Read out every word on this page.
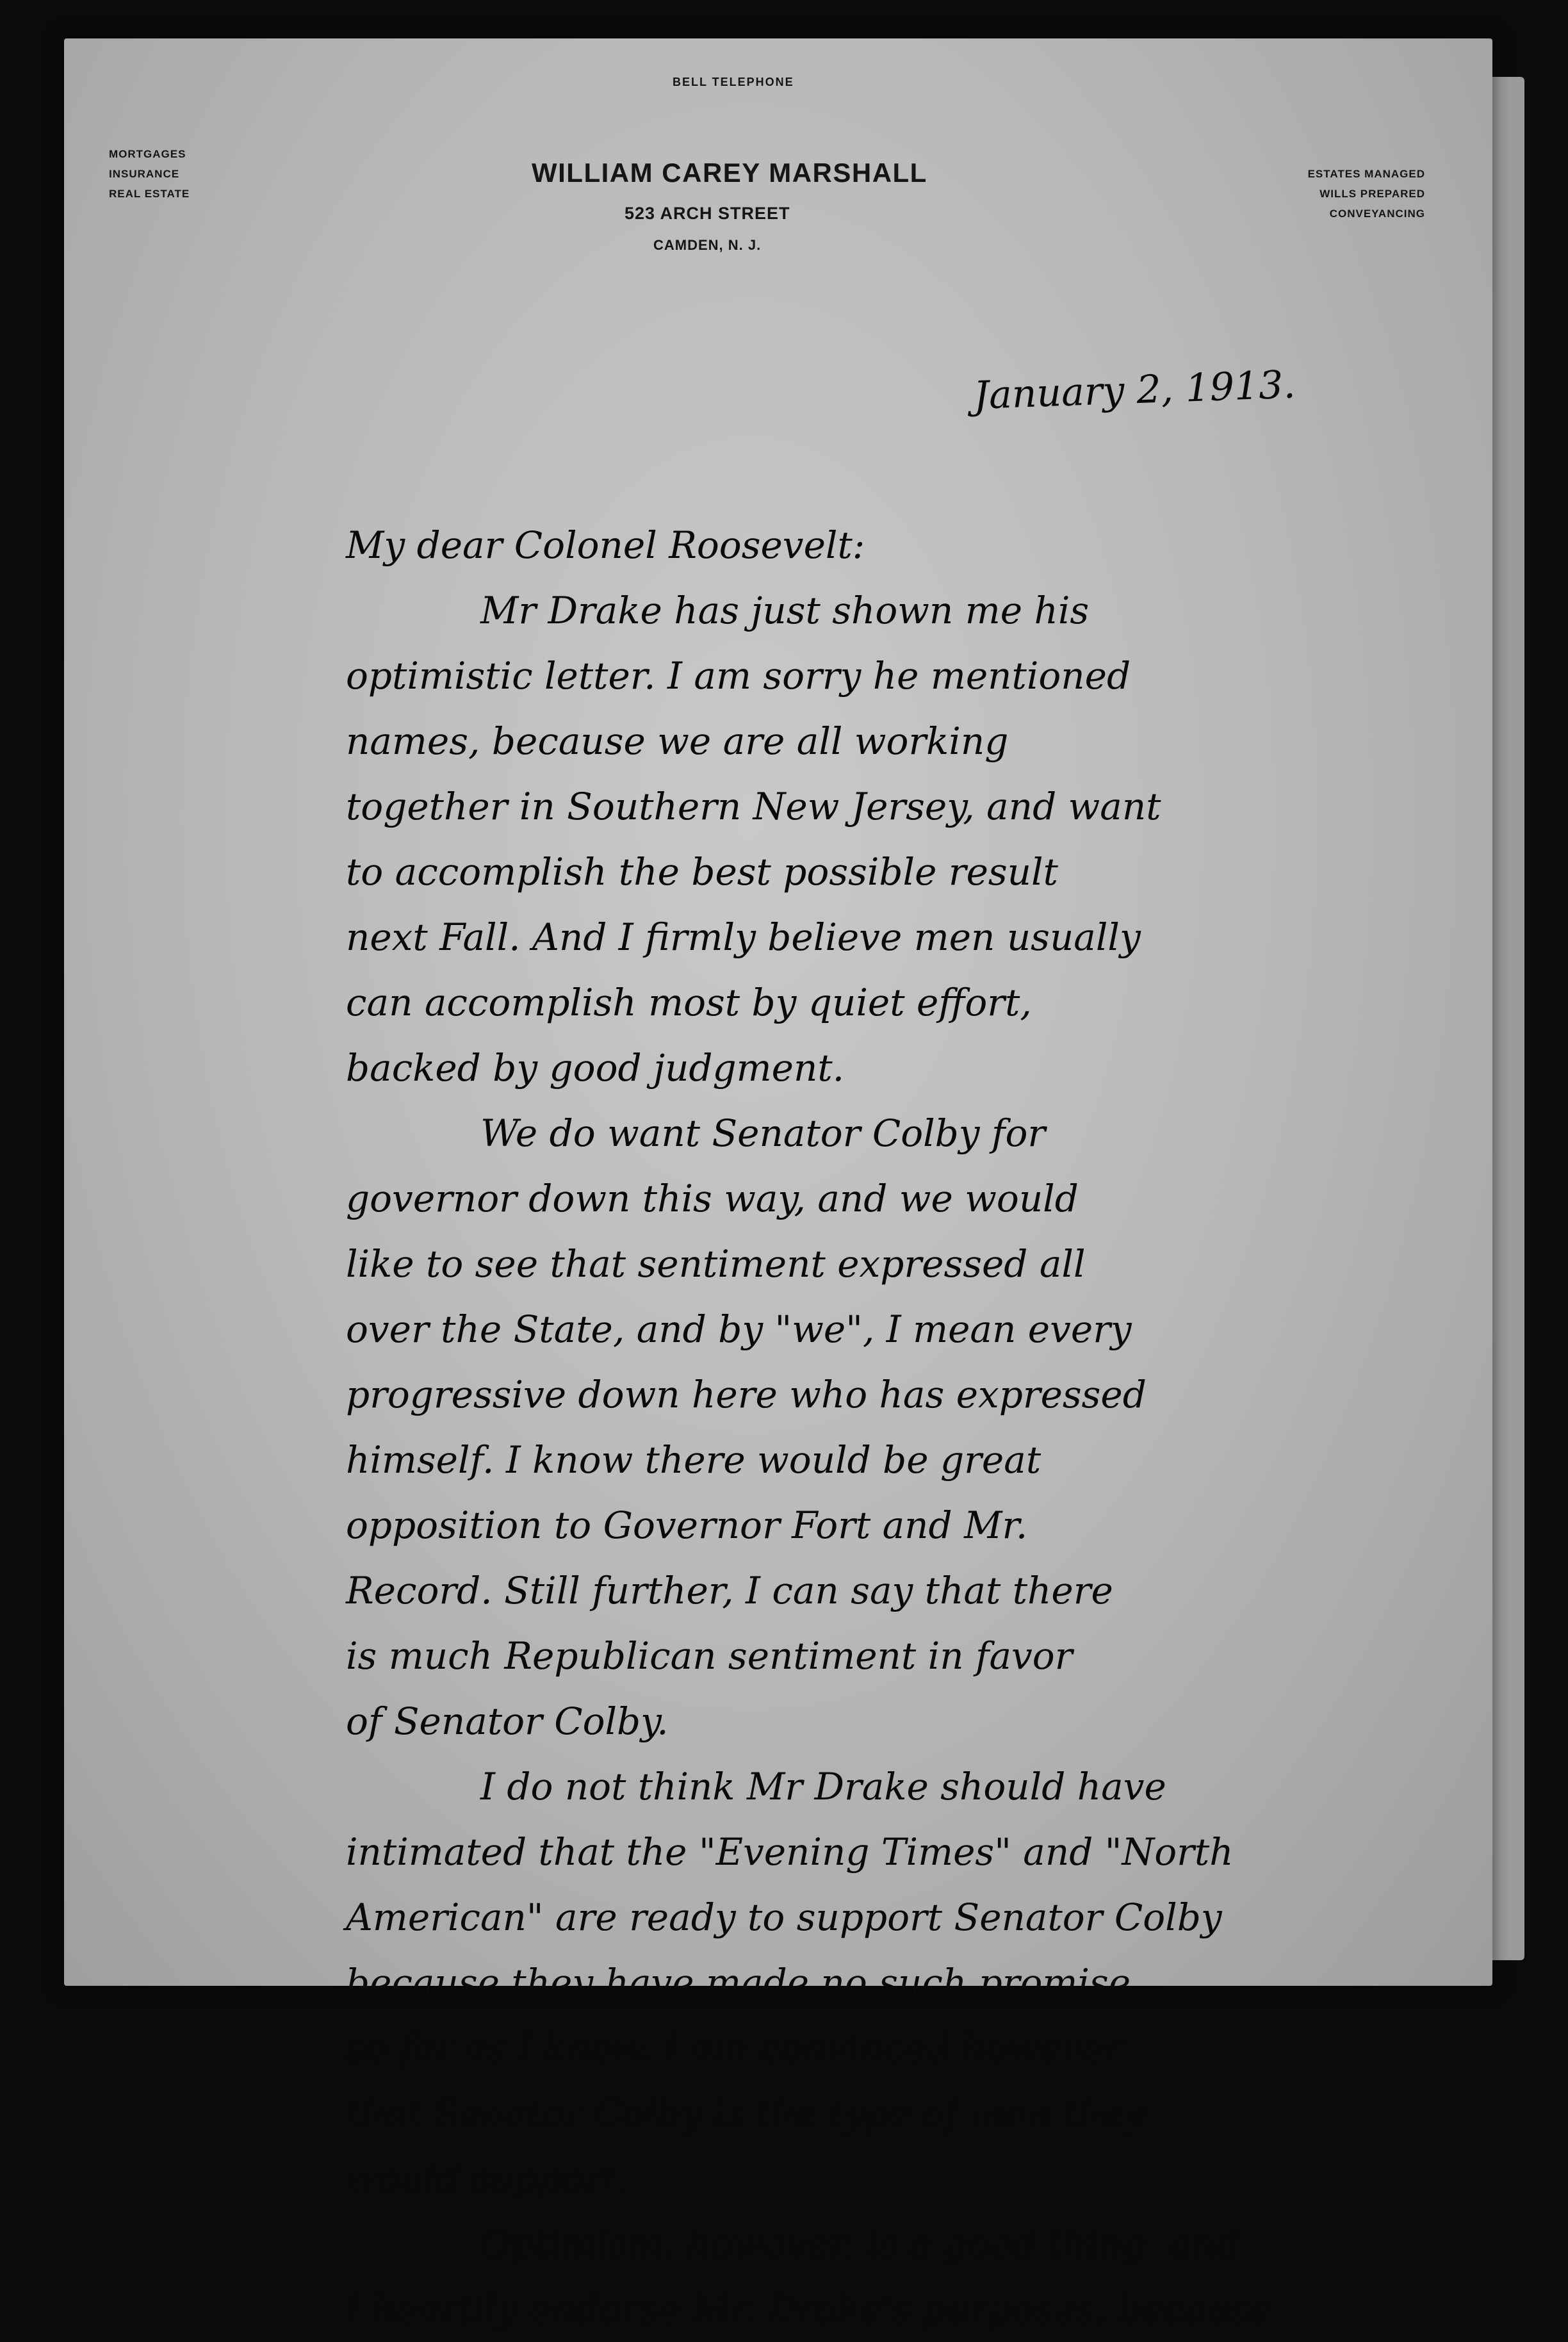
BELL TELEPHONE
MORTGAGES
INSURANCE
REAL ESTATE
WILLIAM CAREY MARSHALL
523 ARCH STREET
CAMDEN, N. J.
ESTATES MANAGED
WILLS PREPARED
CONVEYANCING
January 2, 1913.
My dear Colonel Roosevelt:
Mr Drake has just shown me his
optimistic letter. I am sorry he mentioned
names, because we are all working
together in Southern New Jersey, and want
to accomplish the best possible result
next Fall. And I firmly believe men usually
can accomplish most by quiet effort,
backed by good judgment.
We do want Senator Colby for
governor down this way, and we would
like to see that sentiment expressed all
over the State, and by "we", I mean every
progressive down here who has expressed
himself. I know there would be great
opposition to Governor Fort and Mr.
Record. Still further, I can say that there
is much Republican sentiment in favor
of Senator Colby.
I do not think Mr Drake should have
intimated that the "Evening Times" and "North
American" are ready to support Senator Colby
because they have made no such promise
so far as I know. I am convinced however
that Senator Colby is the type of man they
would support.
Optimism, however, is a good thing, and
I heartily endorse Mr. Drake's purposes, because
